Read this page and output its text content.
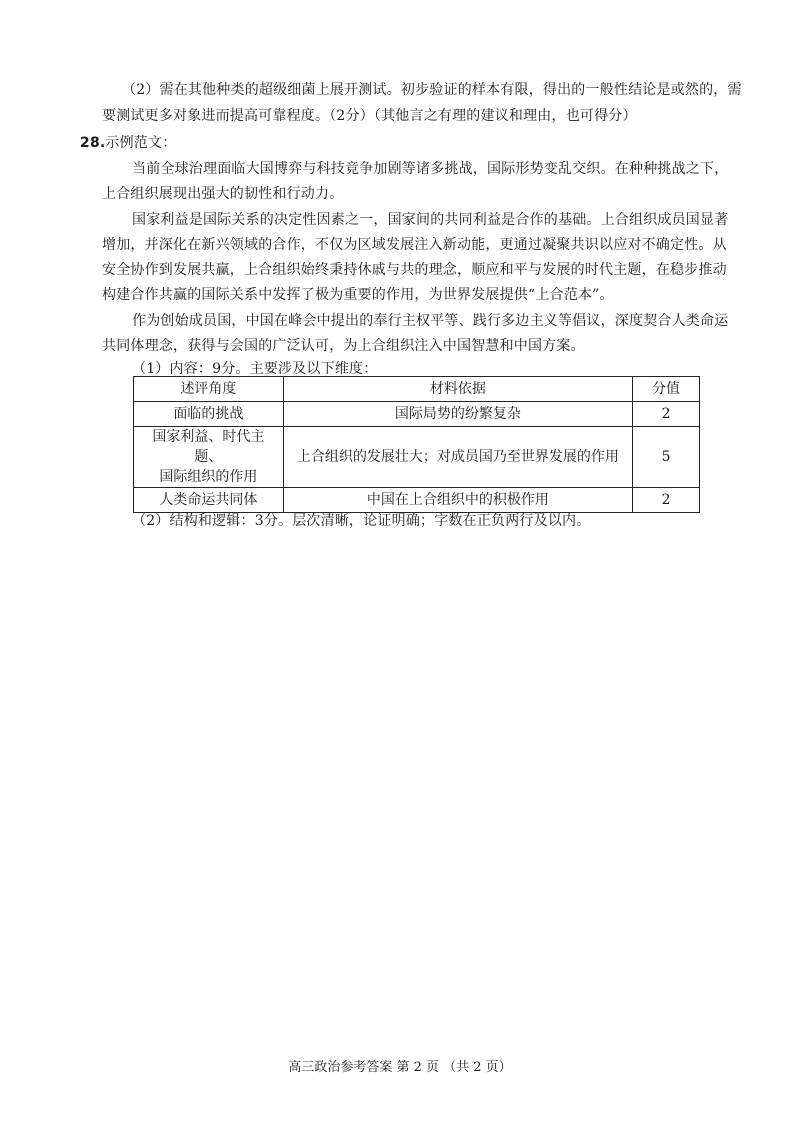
（2）需在其他种类的超级细菌上展开测试。初步验证的样本有限，得出的一般性结论是或然的，需
要测试更多对象进而提高可靠程度。（2分）（其他言之有理的建议和理由，也可得分）
28.示例范文：
当前全球治理面临大国博弈与科技竞争加剧等诸多挑战，国际形势变乱交织。在种种挑战之下，
上合组织展现出强大的韧性和行动力。
国家利益是国际关系的决定性因素之一，国家间的共同利益是合作的基础。上合组织成员国显著
增加，并深化在新兴领域的合作，不仅为区域发展注入新动能，更通过凝聚共识以应对不确定性。从
安全协作到发展共赢，上合组织始终秉持休戚与共的理念，顺应和平与发展的时代主题，在稳步推动
构建合作共赢的国际关系中发挥了极为重要的作用，为世界发展提供“上合范本”。
作为创始成员国，中国在峰会中提出的奉行主权平等、践行多边主义等倡议，深度契合人类命运
共同体理念，获得与会国的广泛认可，为上合组织注入中国智慧和中国方案。
（1）内容：9分。主要涉及以下维度：
述评角度	材料依据	分值
面临的挑战	国际局势的纷繁复杂	2

国家利益、时代主题、
国际组织的作用	上合组织的发展壮大；对成员国乃至世界发展的作用	5
人类命运共同体	中国在上合组织中的积极作用	2
（2）结构和逻辑：3分。层次清晰，论证明确；字数在正负两行及以内。
高三政治参考答案 第 2 页 （共 2 页）
